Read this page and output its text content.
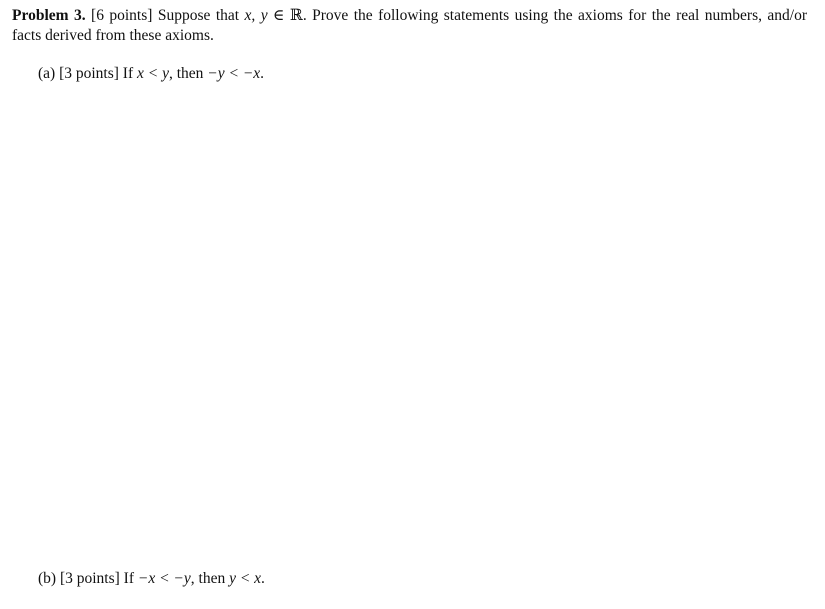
Problem 3. [6 points] Suppose that x, y ∈ ℝ. Prove the following statements using the axioms for the real numbers, and/or facts derived from these axioms.
(a) [3 points] If x < y, then −y < −x.
(b) [3 points] If −x < −y, then y < x.
